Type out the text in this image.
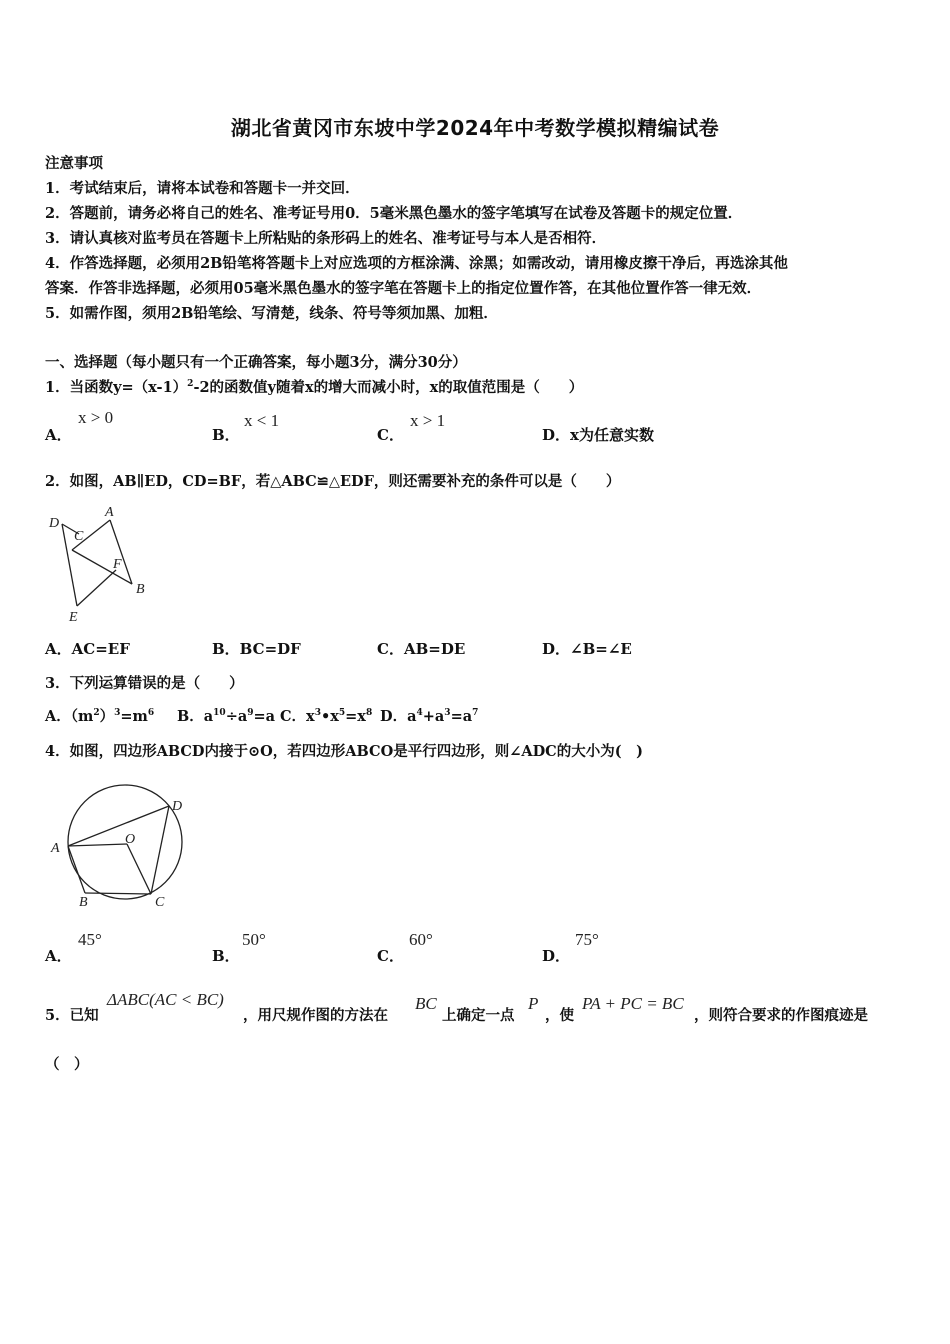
湖北省黄冈市东坡中学2024年中考数学模拟精编试卷
注意事项
1．考试结束后，请将本试卷和答题卡一并交回．
2．答题前，请务必将自己的姓名、准考证号用0．5毫米黑色墨水的签字笔填写在试卷及答题卡的规定位置．
3．请认真核对监考员在答题卡上所粘贴的条形码上的姓名、准考证号与本人是否相符．
4．作答选择题，必须用2B铅笔将答题卡上对应选项的方框涂满、涂黑；如需改动，请用橡皮擦干净后，再选涂其他
答案．作答非选择题，必须用05毫米黑色墨水的签字笔在答题卡上的指定位置作答，在其他位置作答一律无效．
5．如需作图，须用2B铅笔绘、写清楚，线条、符号等须加黑、加粗．
一、选择题（每小题只有一个正确答案，每小题3分，满分30分）
1．当函数$y=(x-1)^2-2$的函数值y随着x的增大而减小时，x的取值范围是（　　）
A．
x > 0
B．
x < 1
C．
x > 1
D．x为任意实数
2．如图，AB∥ED，CD=BF，若△ABC≌△EDF，则还需要补充的条件可以是（　　）
D
A
C
F
B
E
A．AC=EF	B．BC=DF	C．AB=DE	D．∠B=∠E
3．下列运算错误的是（　　）
A．$(m^2)^3=m^6$ B．$a^{10}\div a^9=a$ C．$x^3•x^5=x^8$ D．$a^4+a^3=a^7$
4．如图，四边形ABCD内接于⊙O，若四边形ABCO是平行四边形，则∠ADC的大小为(　)
A
B	C
D
O
A．
45°
B．
50°
C．
60°
D．
75°
5．已知
ΔABC(AC < BC)
，用尺规作图的方法在
BC
上确定一点
P
，使
PA + PC = BC
，则符合要求的作图痕迹是
（　）
